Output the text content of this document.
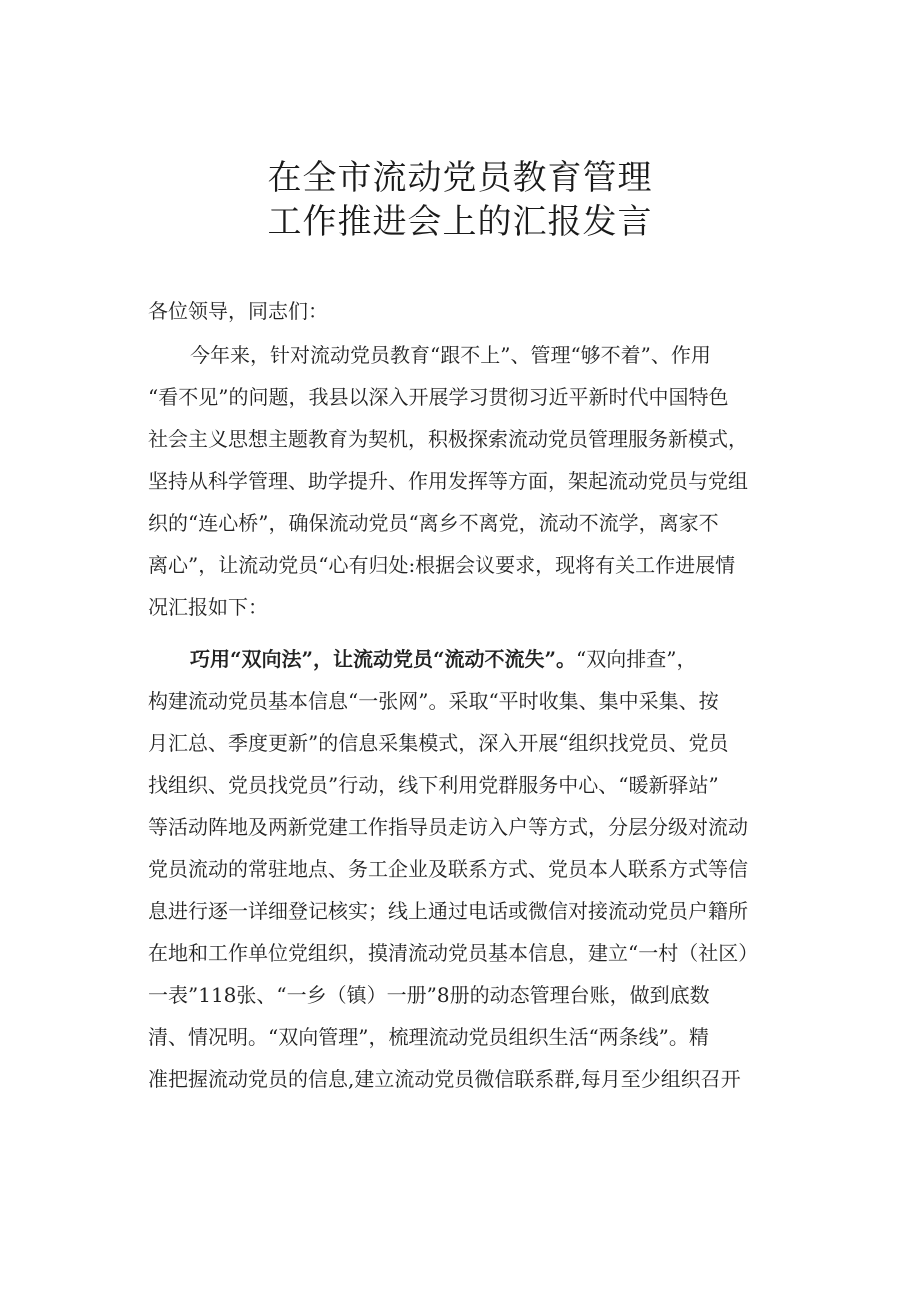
在全市流动党员教育管理
工作推进会上的汇报发言
各位领导，同志们：
今年来，针对流动党员教育“跟不上”、管理“够不着”、作用
“看不见”的问题，我县以深入开展学习贯彻习近平新时代中国特色
社会主义思想主题教育为契机，积极探索流动党员管理服务新模式，
坚持从科学管理、助学提升、作用发挥等方面，架起流动党员与党组
织的“连心桥”，确保流动党员“离乡不离党，流动不流学，离家不
离心”，让流动党员“心有归处:根据会议要求，现将有关工作进展情
况汇报如下：
巧用“双向法”，让流动党员“流动不流失”。“双向排查”，
构建流动党员基本信息“一张网”。采取“平时收集、集中采集、按
月汇总、季度更新”的信息采集模式，深入开展“组织找党员、党员
找组织、党员找党员”行动，线下利用党群服务中心、“暖新驿站”
等活动阵地及两新党建工作指导员走访入户等方式，分层分级对流动
党员流动的常驻地点、务工企业及联系方式、党员本人联系方式等信
息进行逐一详细登记核实；线上通过电话或微信对接流动党员户籍所
在地和工作单位党组织，摸清流动党员基本信息，建立“一村（社区）
一表”118张、“一乡（镇）一册”8册的动态管理台账，做到底数
清、情况明。“双向管理”，梳理流动党员组织生活“两条线”。精
准把握流动党员的信息,建立流动党员微信联系群,每月至少组织召开
